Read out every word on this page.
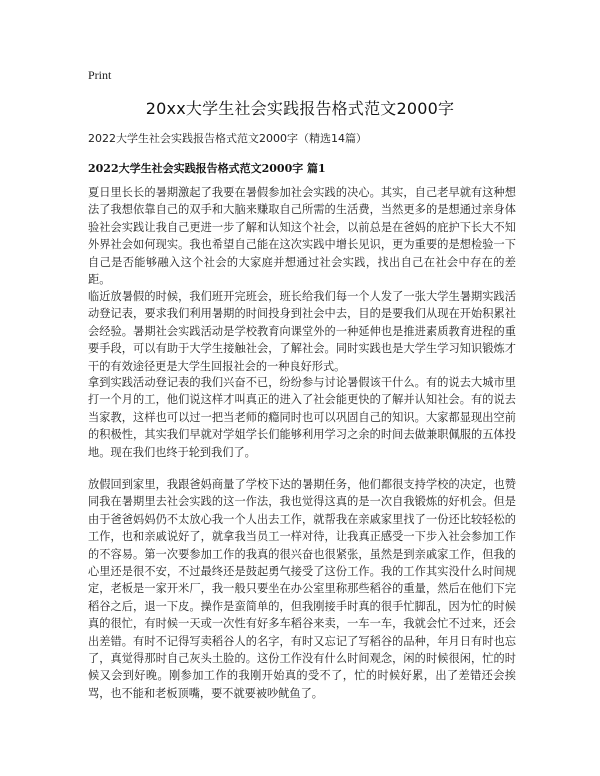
Print
20xx大学生社会实践报告格式范文2000字
2022大学生社会实践报告格式范文2000字（精选14篇）
2022大学生社会实践报告格式范文2000字 篇1

夏日里长长的暑期激起了我要在暑假参加社会实践的决心。其实，自己老早就有这种想法了我想依靠自己的双手和大脑来赚取自己所需的生活费，当然更多的是想通过亲身体验社会实践让我自己更进一步了解和认知这个社会，以前总是在爸妈的庇护下长大不知外界社会如何现实。我也希望自己能在这次实践中增长见识，更为重要的是想检验一下自己是否能够融入这个社会的大家庭并想通过社会实践，找出自己在社会中存在的差距。

临近放暑假的时候，我们班开完班会，班长给我们每一个人发了一张大学生暑期实践活动登记表，要求我们利用暑期的时间投身到社会中去，目的是要我们从现在开始积累社会经验。暑期社会实践活动是学校教育向课堂外的一种延伸也是推进素质教育进程的重要手段，可以有助于大学生接触社会，了解社会。同时实践也是大学生学习知识锻炼才干的有效途径更是大学生回报社会的一种良好形式。

拿到实践活动登记表的我们兴奋不已，纷纷参与讨论暑假该干什么。有的说去大城市里打一个月的工，他们说这样才叫真正的进入了社会能更快的了解并认知社会。有的说去当家教，这样也可以过一把当老师的瘾同时也可以巩固自己的知识。大家都显现出空前的积极性，其实我们早就对学姐学长们能够利用学习之余的时间去做兼职佩服的五体投地。现在我们也终于轮到我们了。

放假回到家里，我跟爸妈商量了学校下达的暑期任务，他们都很支持学校的决定，也赞同我在暑期里去社会实践的这一作法，我也觉得这真的是一次自我锻炼的好机会。但是由于爸爸妈妈仍不太放心我一个人出去工作，就帮我在亲戚家里找了一份还比较轻松的工作，也和亲戚说好了，就拿我当员工一样对待，让我真正感受一下步入社会参加工作的不容易。第一次要参加工作的我真的很兴奋也很紧张，虽然是到亲戚家工作，但我的心里还是很不安，不过最终还是鼓起勇气接受了这份工作。我的工作其实没什么时间规定，老板是一家开米厂，我一般只要坐在办公室里称那些稻谷的重量，然后在他们下完稻谷之后，退一下皮。操作是蛮简单的，但我刚接手时真的很手忙脚乱，因为忙的时候真的很忙，有时候一天或一次性有好多车稻谷来卖，一车一车，我就会忙不过来，还会出差错。有时不记得写卖稻谷人的名字，有时又忘记了写稻谷的品种，年月日有时也忘了，真觉得那时自己灰头土脸的。这份工作没有什么时间观念，闲的时候很闲，忙的时候又会到好晚。刚参加工作的我刚开始真的受不了，忙的时候好累，出了差错还会挨骂，也不能和老板顶嘴，要不就要被吵鱿鱼了。
